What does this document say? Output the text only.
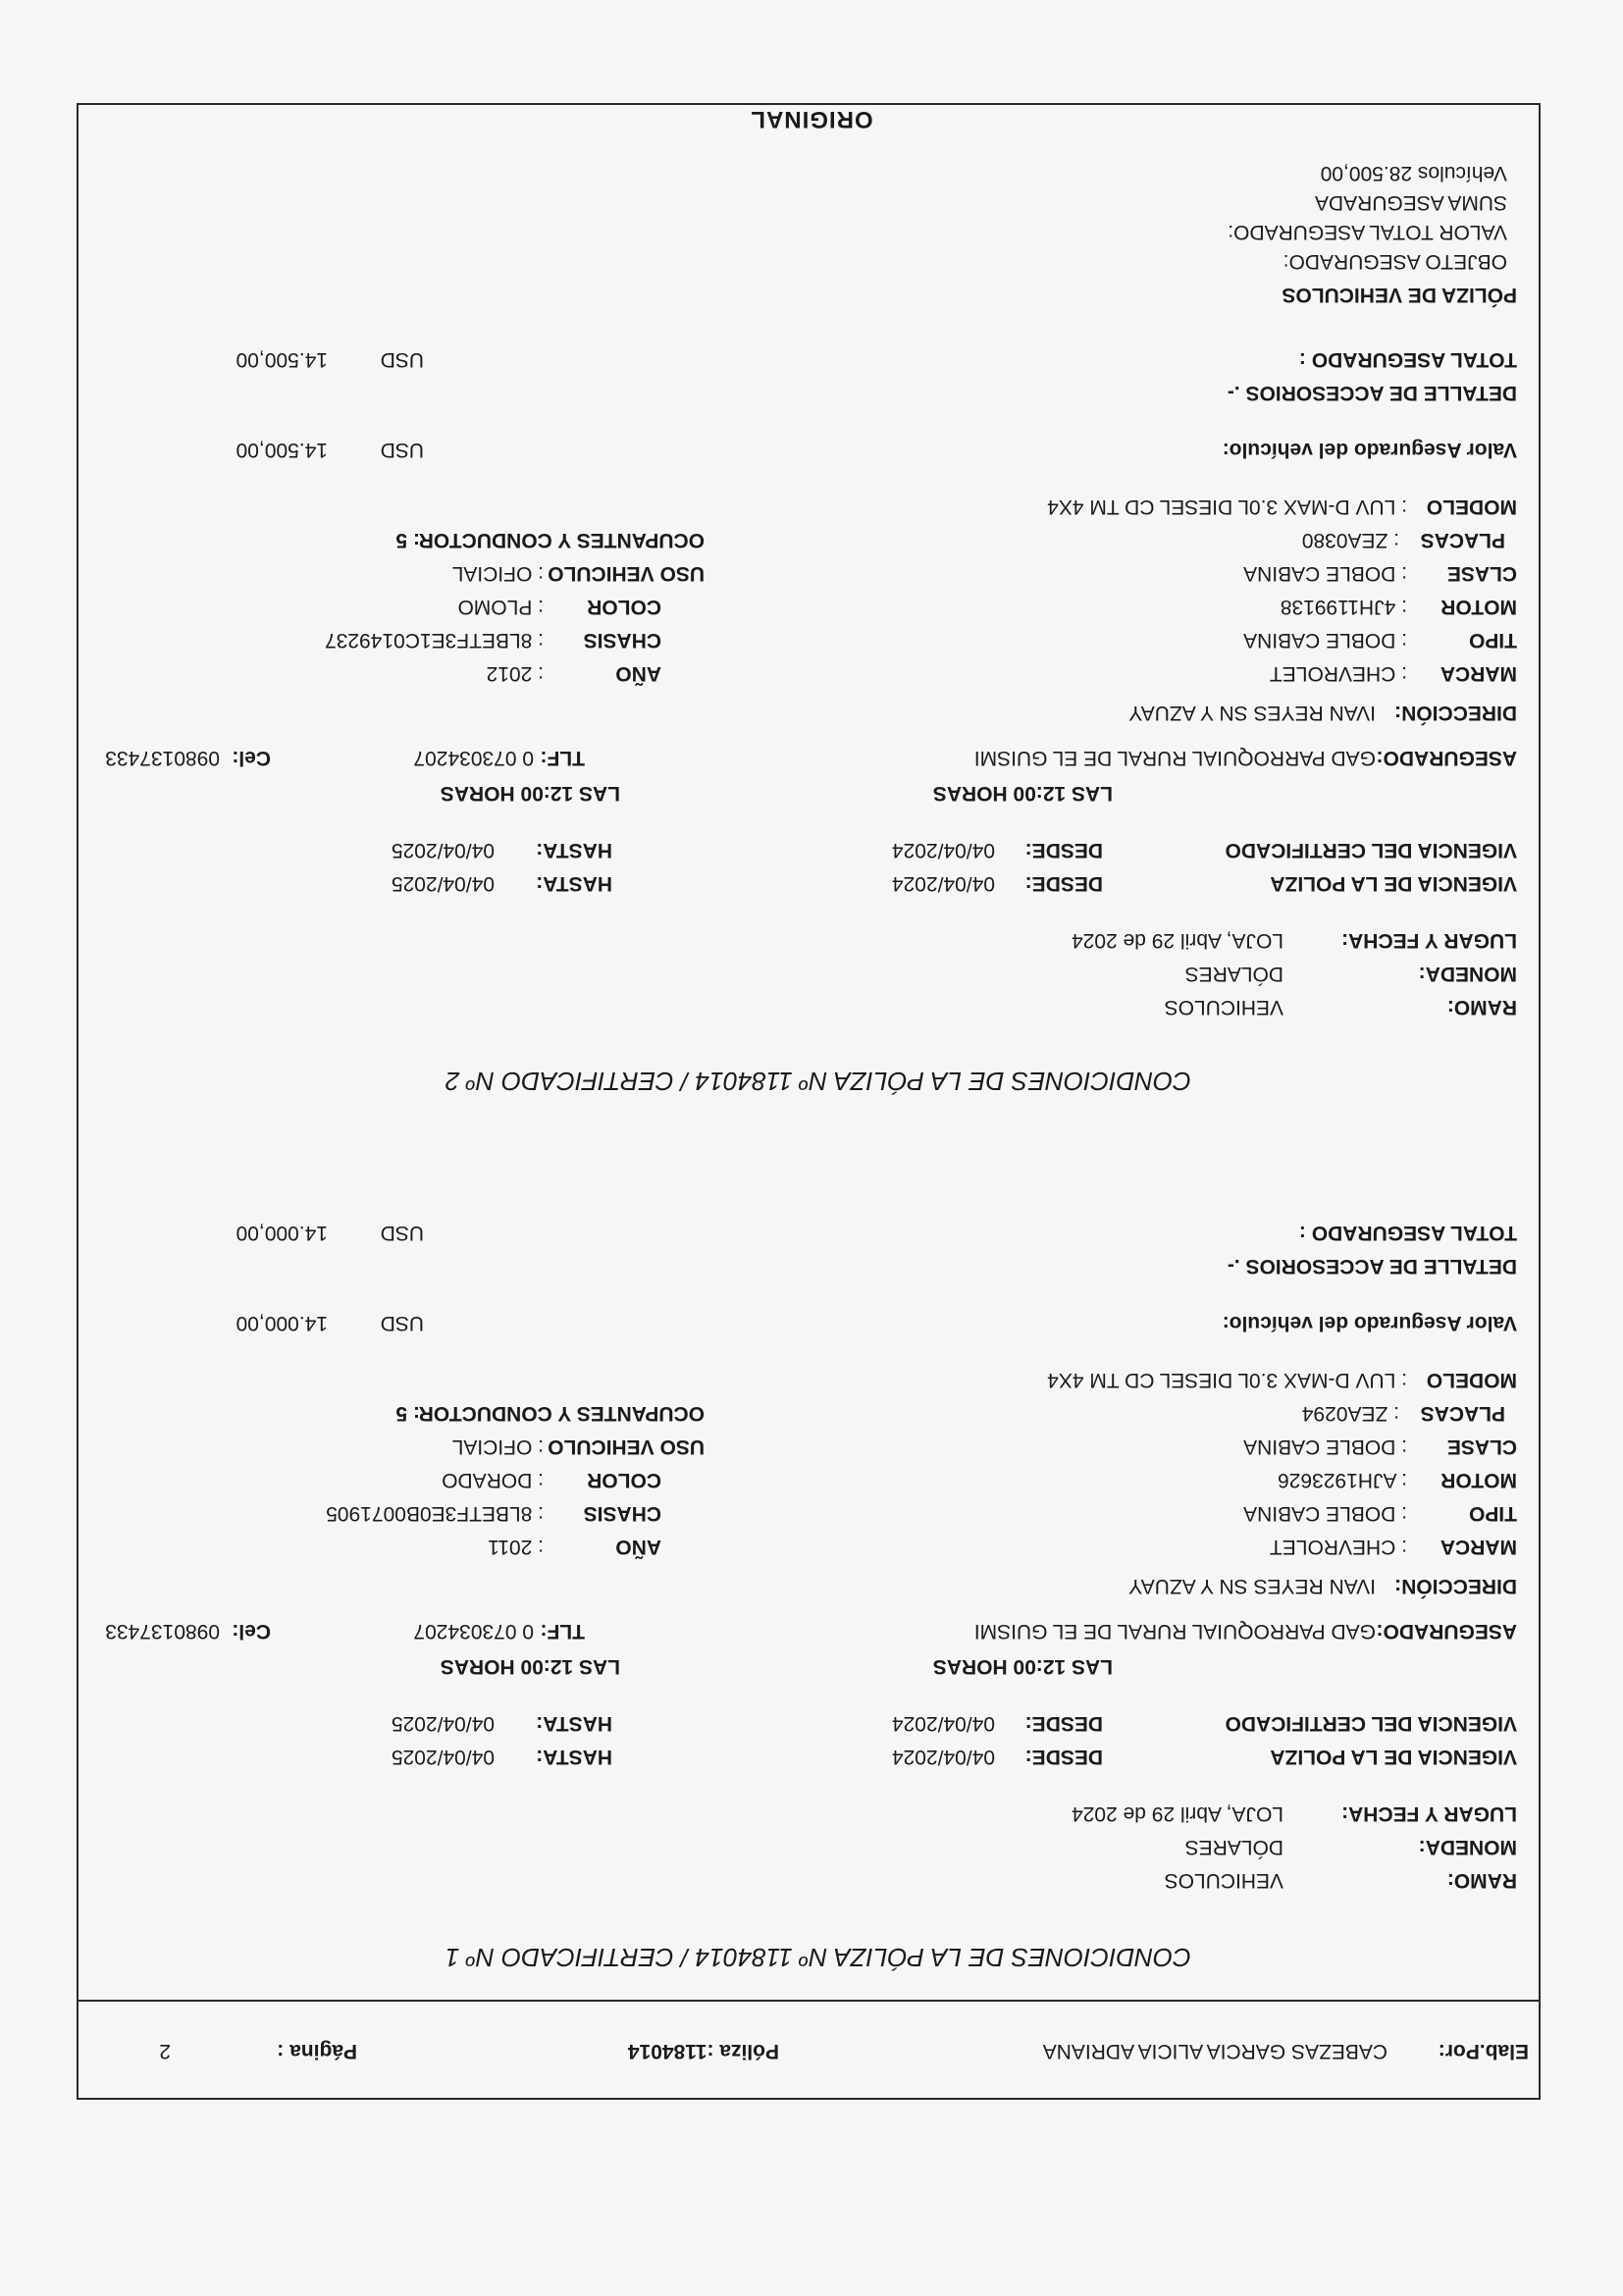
Elab.Por:
CABEZAS GARCIA ALICIA ADRIANA
Póliza :1184014
Página :
2
CONDICIONES DE LA PÓLIZA Nº 1184014 / CERTIFICADO Nº 1
RAMO:
VEHICULOS
MONEDA:
DÓLARES
LUGAR Y FECHA:
LOJA, Abril 29 de 2024
VIGENCIA DE LA POLIZA
DESDE:
04/04/2024
HASTA:
04/04/2025
VIGENCIA DEL CERTIFICADO
DESDE:
04/04/2024
HASTA:
04/04/2025
LAS 12:00 HORAS
LAS 12:00 HORAS
ASEGURADO:
GAD PARROQUIAL RURAL DE EL GUISMI
TLF:
0 073034207
Cel:
0980137433
DIRECCIÓN:
IVAN REYES SN Y AZUAY
MARCA
: CHEVROLET
AÑO
: 2011
TIPO
: DOBLE CABINA
CHASIS
: 8LBETF3E0B0071905
MOTOR
: AJH1923626
COLOR
: DORADO
CLASE
: DOBLE CABINA
USO VEHICULO
: OFICIAL
PLACAS
: ZEA0294
OCUPANTES Y CONDUCTOR
: 5
MODELO
: LUV D-MAX 3.0L DIESEL CD TM 4X4
Valor Asegurado del vehículo:
USD
14.000,00
DETALLE DE ACCESORIOS .-
TOTAL ASEGURADO :
USD
14.000,00
CONDICIONES DE LA PÓLIZA Nº 1184014 / CERTIFICADO Nº 2
RAMO:
VEHICULOS
MONEDA:
DÓLARES
LUGAR Y FECHA:
LOJA, Abril 29 de 2024
VIGENCIA DE LA POLIZA
DESDE:
04/04/2024
HASTA:
04/04/2025
VIGENCIA DEL CERTIFICADO
DESDE:
04/04/2024
HASTA:
04/04/2025
LAS 12:00 HORAS
LAS 12:00 HORAS
ASEGURADO:
GAD PARROQUIAL RURAL DE EL GUISMI
TLF:
0 073034207
Cel:
0980137433
DIRECCIÓN:
IVAN REYES SN Y AZUAY
MARCA
: CHEVROLET
AÑO
: 2012
TIPO
: DOBLE CABINA
CHASIS
: 8LBETF3E1C0149237
MOTOR
: 4JH1199138
COLOR
: PLOMO
CLASE
: DOBLE CABINA
USO VEHICULO
: OFICIAL
PLACAS
: ZEA0380
OCUPANTES Y CONDUCTOR
: 5
MODELO
: LUV D-MAX 3.0L DIESEL CD TM 4X4
Valor Asegurado del vehículo:
USD
14.500,00
DETALLE DE ACCESORIOS .-
TOTAL ASEGURADO :
USD
14.500,00
PÓLIZA DE VEHICULOS
OBJETO ASEGURADO:
VALOR TOTAL ASEGURADO:
SUMA ASEGURADA
Vehículos 28.500,00
ORIGINAL
